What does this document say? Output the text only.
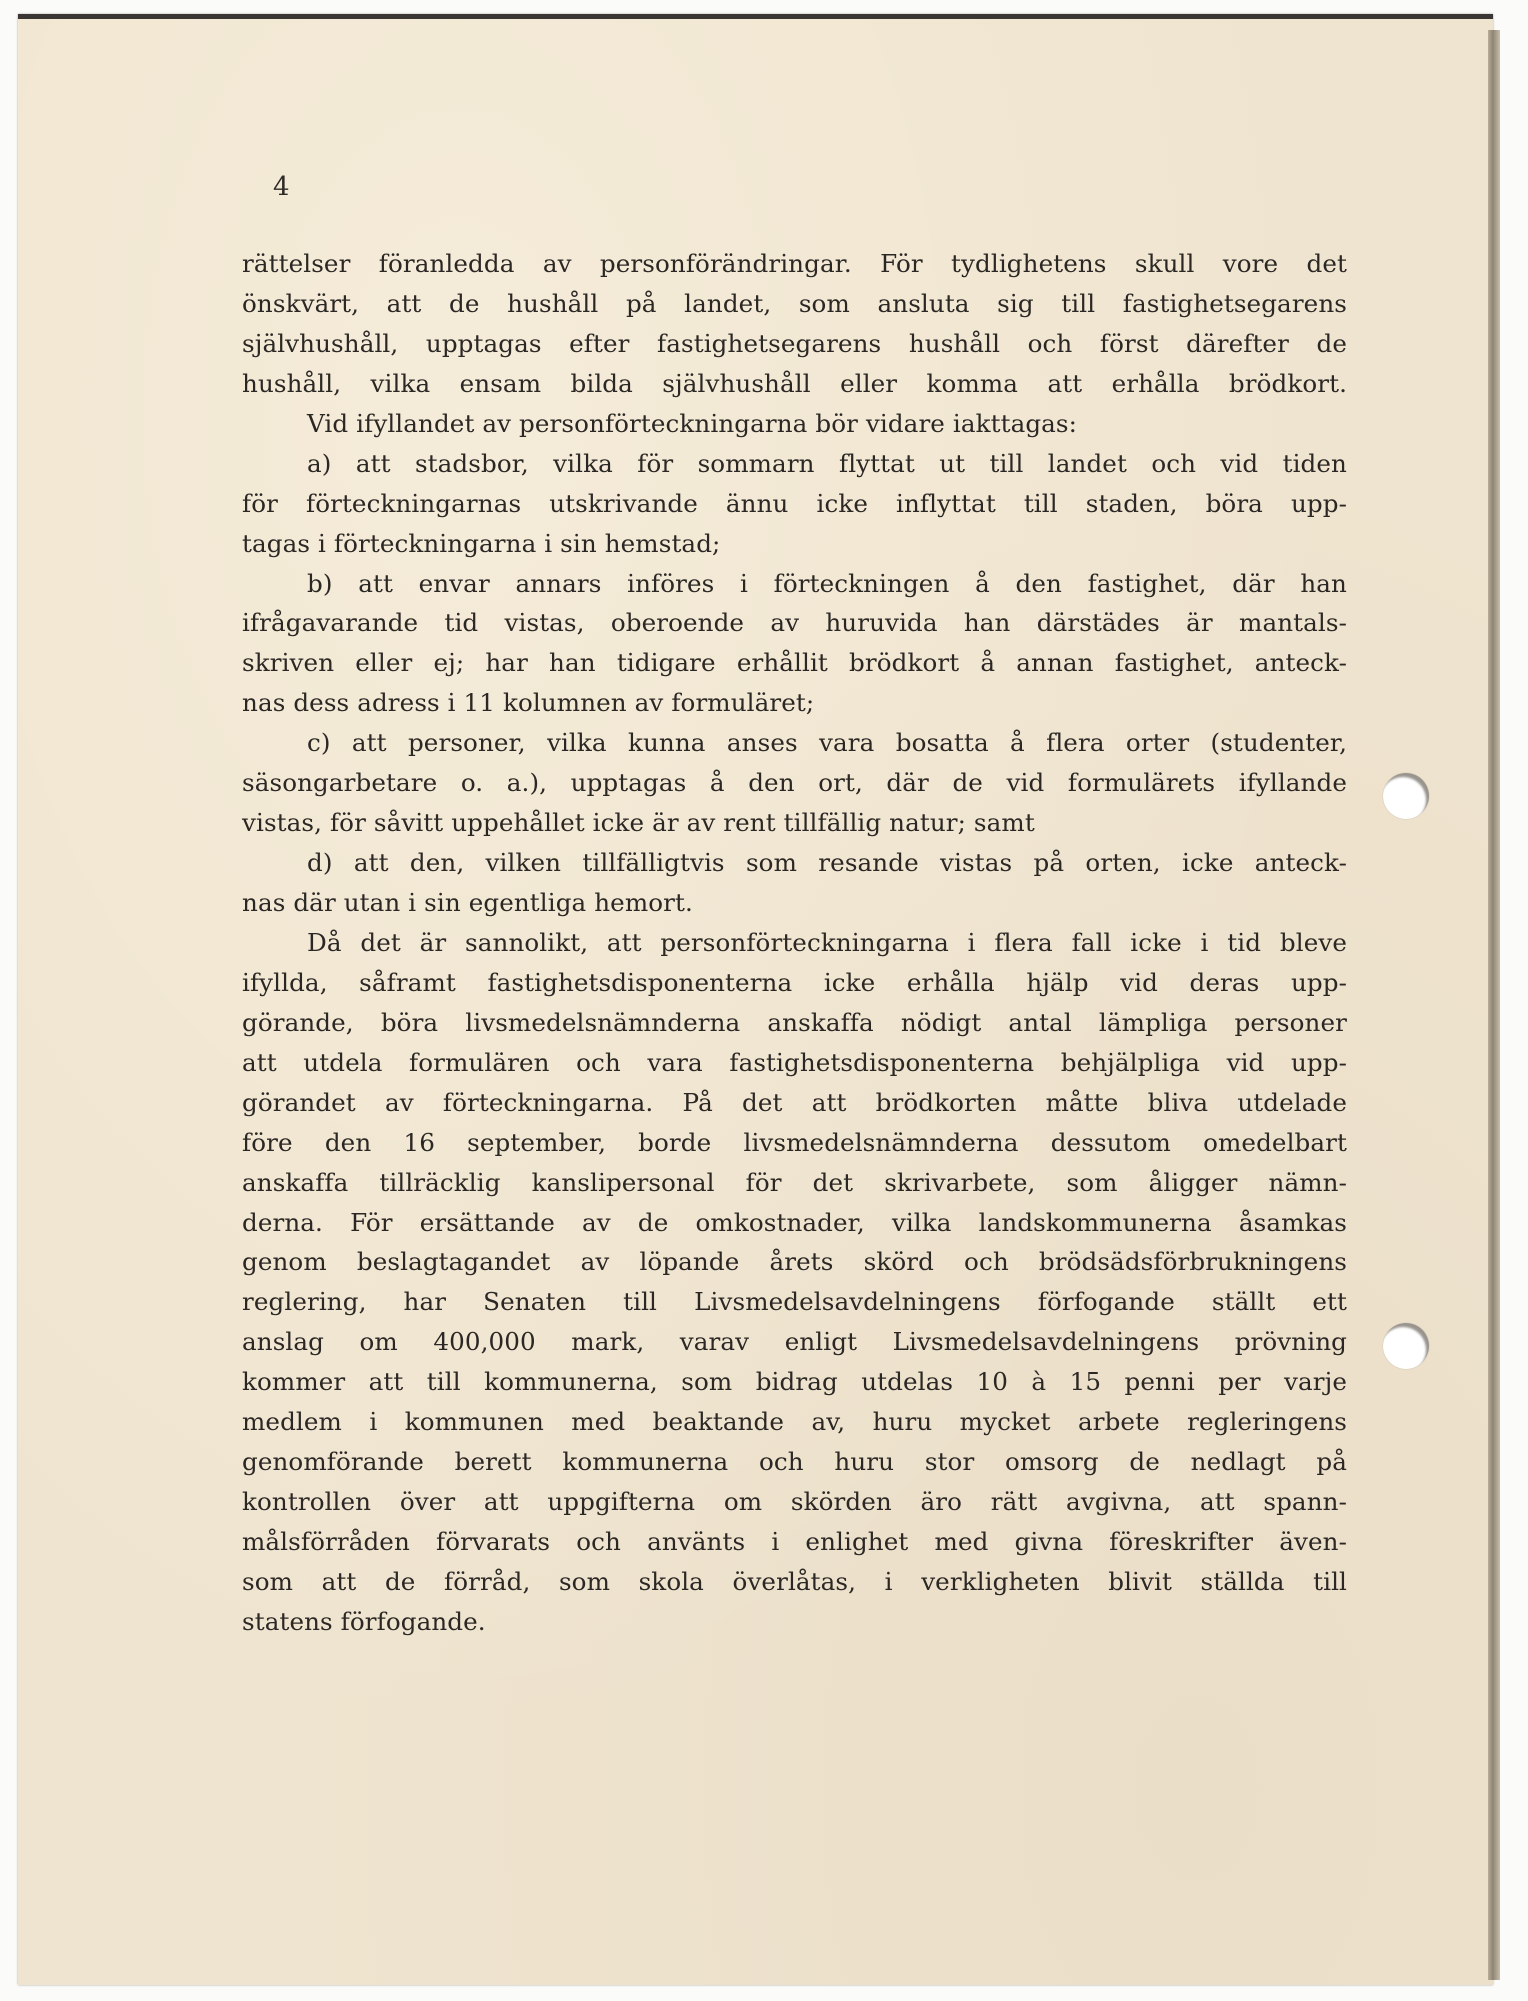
4
rättelser föranledda av personförändringar. För tydlighetens skull vore det
önskvärt, att de hushåll på landet, som ansluta sig till fastighetsegarens
självhushåll, upptagas efter fastighetsegarens hushåll och först därefter de
hushåll, vilka ensam bilda självhushåll eller komma att erhålla brödkort.
Vid ifyllandet av personförteckningarna bör vidare iakttagas:
a) att stadsbor, vilka för sommarn flyttat ut till landet och vid tiden
för förteckningarnas utskrivande ännu icke inflyttat till staden, böra upp-
tagas i förteckningarna i sin hemstad;
b) att envar annars införes i förteckningen å den fastighet, där han
ifrågavarande tid vistas, oberoende av huruvida han därstädes är mantals-
skriven eller ej; har han tidigare erhållit brödkort å annan fastighet, anteck-
nas dess adress i 11 kolumnen av formuläret;
c) att personer, vilka kunna anses vara bosatta å flera orter (studenter,
säsongarbetare o. a.), upptagas å den ort, där de vid formulärets ifyllande
vistas, för såvitt uppehållet icke är av rent tillfällig natur; samt
d) att den, vilken tillfälligtvis som resande vistas på orten, icke anteck-
nas där utan i sin egentliga hemort.
Då det är sannolikt, att personförteckningarna i flera fall icke i tid bleve
ifyllda, såframt fastighetsdisponenterna icke erhålla hjälp vid deras upp-
görande, böra livsmedelsnämnderna anskaffa nödigt antal lämpliga personer
att utdela formulären och vara fastighetsdisponenterna behjälpliga vid upp-
görandet av förteckningarna. På det att brödkorten måtte bliva utdelade
före den 16 september, borde livsmedelsnämnderna dessutom omedelbart
anskaffa tillräcklig kanslipersonal för det skrivarbete, som åligger nämn-
derna. För ersättande av de omkostnader, vilka landskommunerna åsamkas
genom beslagtagandet av löpande årets skörd och brödsädsförbrukningens
reglering, har Senaten till Livsmedelsavdelningens förfogande ställt ett
anslag om 400,000 mark, varav enligt Livsmedelsavdelningens prövning
kommer att till kommunerna, som bidrag utdelas 10 à 15 penni per varje
medlem i kommunen med beaktande av, huru mycket arbete regleringens
genomförande berett kommunerna och huru stor omsorg de nedlagt på
kontrollen över att uppgifterna om skörden äro rätt avgivna, att spann-
målsförråden förvarats och använts i enlighet med givna föreskrifter även-
som att de förråd, som skola överlåtas, i verkligheten blivit ställda till
statens förfogande.
